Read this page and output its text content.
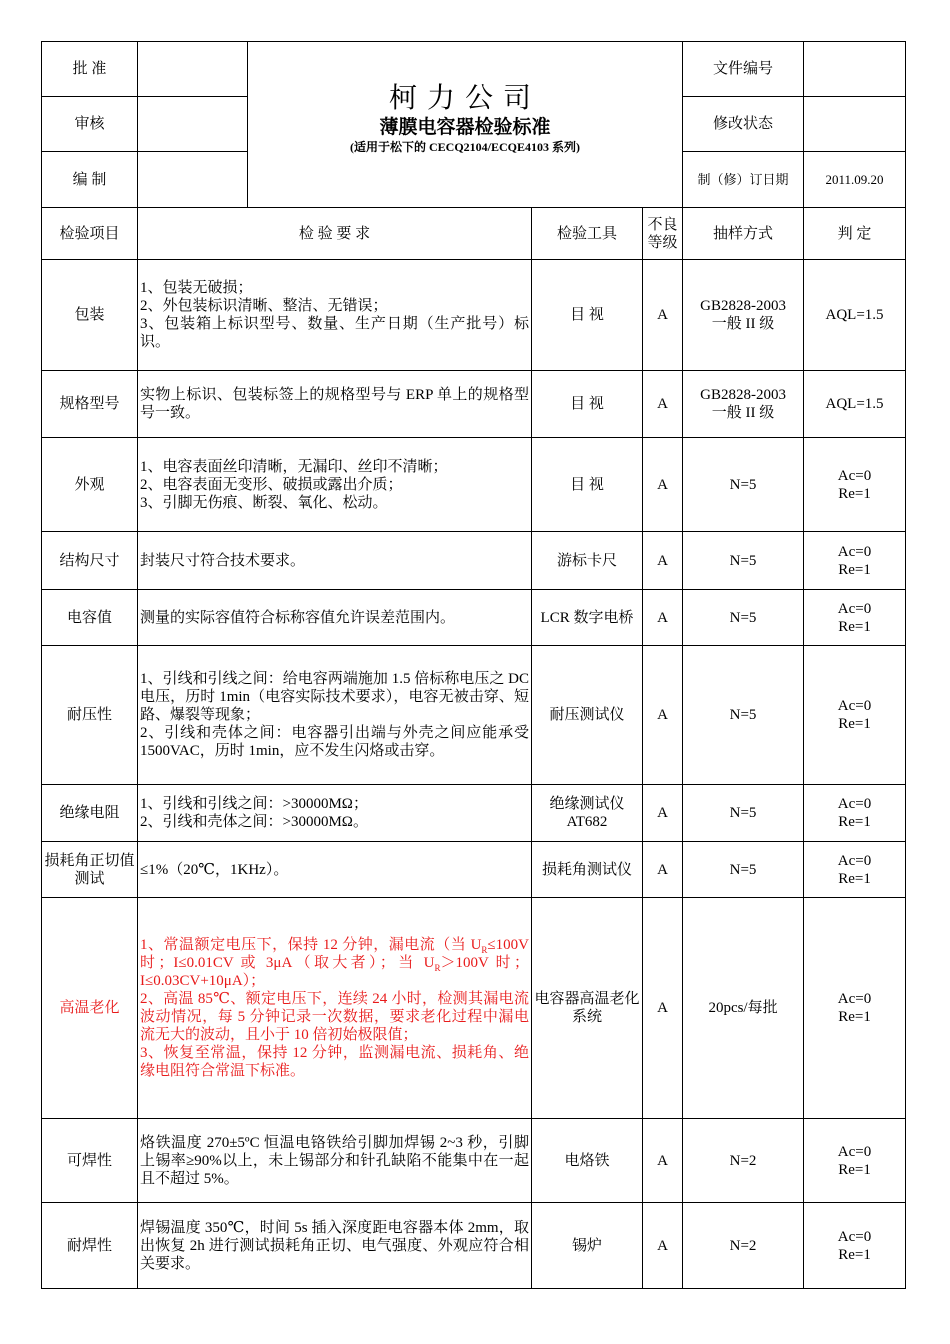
批 准		柯力公司
薄膜电容器检验标准
(适用于松下的 CECQ2104/ECQE4103 系列)			文件编号	
审核					修改状态	
编 制					制（修）订日期	2011.09.20
检验项目	检 验 要 求		检验工具	不良
等级	抽样方式	判 定
包装	1、包装无破损；
2、外包装标识清晰、整洁、无错误；
3、包装箱上标识型号、数量、生产日期（生产批号）标识。		目 视	A	GB2828-2003
一般 II 级	AQL=1.5

规格型号	实物上标识、包装标签上的规格型号与 ERP 单上的规格型号一致。		目 视	A	GB2828-2003
一般 II 级	AQL=1.5

外观	1、电容表面丝印清晰，无漏印、丝印不清晰；
2、电容表面无变形、破损或露出介质；
3、引脚无伤痕、断裂、氧化、松动。		目 视	A	N=5	Ac=0
Re=1

结构尺寸	封装尺寸符合技术要求。		游标卡尺	A	N=5	Ac=0
Re=1

电容值	测量的实际容值符合标称容值允许误差范围内。		LCR 数字电桥	A	N=5	Ac=0
Re=1

耐压性	1、引线和引线之间：给电容两端施加 1.5 倍标称电压之 DC 电压，历时 1min（电容实际技术要求），电容无被击穿、短路、爆裂等现象；
2、引线和壳体之间：电容器引出端与外壳之间应能承受 1500VAC，历时 1min，应不发生闪烙或击穿。		耐压测试仪	A	N=5	Ac=0
Re=1

绝缘电阻	1、引线和引线之间：>30000MΩ；
2、引线和壳体之间：>30000MΩ。		绝缘测试仪
AT682	A	N=5	Ac=0
Re=1

损耗角正切值测试	≤1%（20℃，1KHz）。		损耗角测试仪	A	N=5	Ac=0
Re=1

高温老化	1、常温额定电压下，保持 12 分钟，漏电流（当 $U_R\le 100V$ 时；I≤0.01CV 或 3μA（取大者）；当 $U_R>100V$ 时；I≤0.03CV+10μA）；
2、高温 85℃、额定电压下，连续 24 小时，检测其漏电流波动情况，每 5 分钟记录一次数据，要求老化过程中漏电流无大的波动，且小于 10 倍初始极限值；
3、恢复至常温，保持 12 分钟，监测漏电流、损耗角、绝缘电阻符合常温下标准。		电容器高温老化系统	A	20pcs/每批	Ac=0
Re=1

可焊性	烙铁温度 270±5ºC 恒温电铬铁给引脚加焊锡 2~3 秒，引脚上锡率≥90%以上，未上锡部分和针孔缺陷不能集中在一起且不超过 5%。		电烙铁	A	N=2	Ac=0
Re=1

耐焊性	焊锡温度 350℃，时间 5s 插入深度距电容器本体 2mm，取出恢复 2h 进行测试损耗角正切、电气强度、外观应符合相关要求。		锡炉	A	N=2	Ac=0
Re=1
